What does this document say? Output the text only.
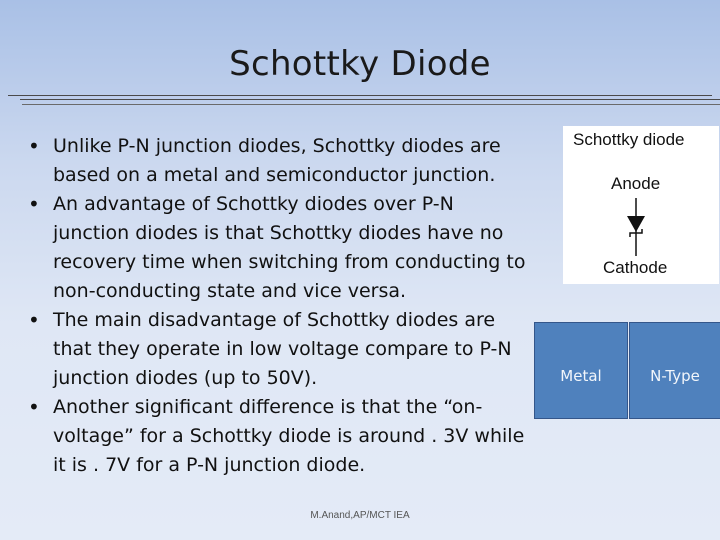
Schottky Diode
• Unlike P-N junction diodes, Schottky diodes are based on a metal and semiconductor junction.
• An advantage of Schottky diodes over P-N junction diodes is that Schottky diodes have no recovery time when switching from conducting to non-conducting state and vice versa.
• The main disadvantage of Schottky diodes are that they operate in low voltage compare to P-N junction diodes (up to 50V).
• Another significant difference is that the “on-voltage” for a Schottky diode is around . 3V while it is . 7V for a P-N junction diode.
Schottky diode
Anode
Cathode
Metal	N-Type
M.Anand,AP/MCT IEA
